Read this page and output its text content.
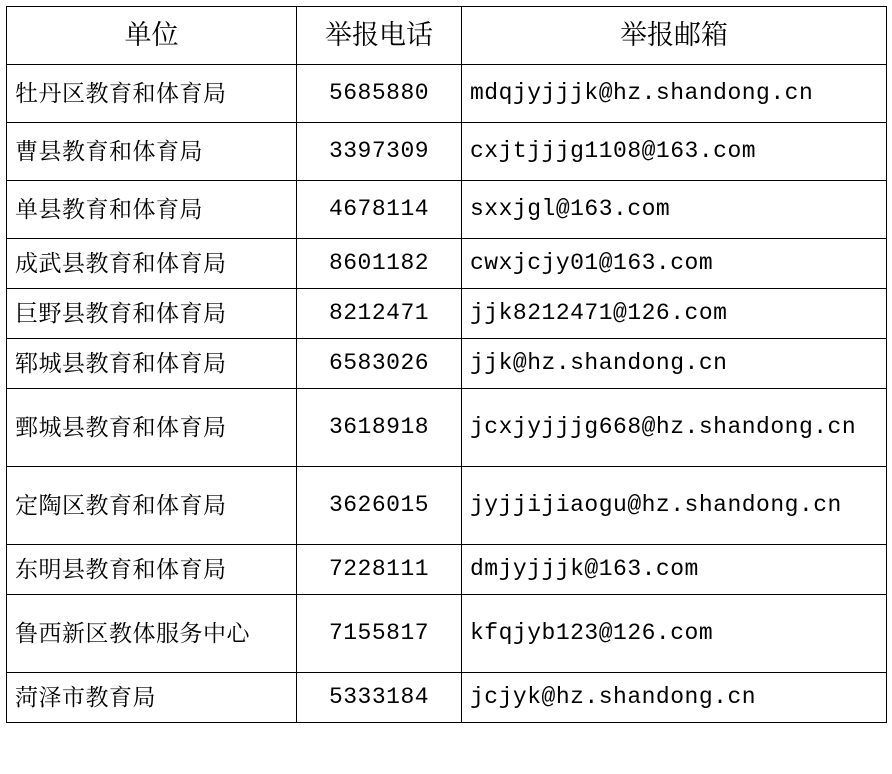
单位	举报电话	举报邮箱
牡丹区教育和体育局	5685880	mdqjyjjjk@hz.shandong.cn
曹县教育和体育局	3397309	cxjtjjjg1108@163.com
单县教育和体育局	4678114	sxxjgl@163.com
成武县教育和体育局	8601182	cwxjcjy01@163.com
巨野县教育和体育局	8212471	jjk8212471@126.com
郓城县教育和体育局	6583026	jjk@hz.shandong.cn
鄄城县教育和体育局	3618918	jcxjyjjjg668@hz.shandong.cn
定陶区教育和体育局	3626015	jyjjijiaogu@hz.shandong.cn
东明县教育和体育局	7228111	dmjyjjjk@163.com
鲁西新区教体服务中心	7155817	kfqjyb123@126.com
菏泽市教育局	5333184	jcjyk@hz.shandong.cn
